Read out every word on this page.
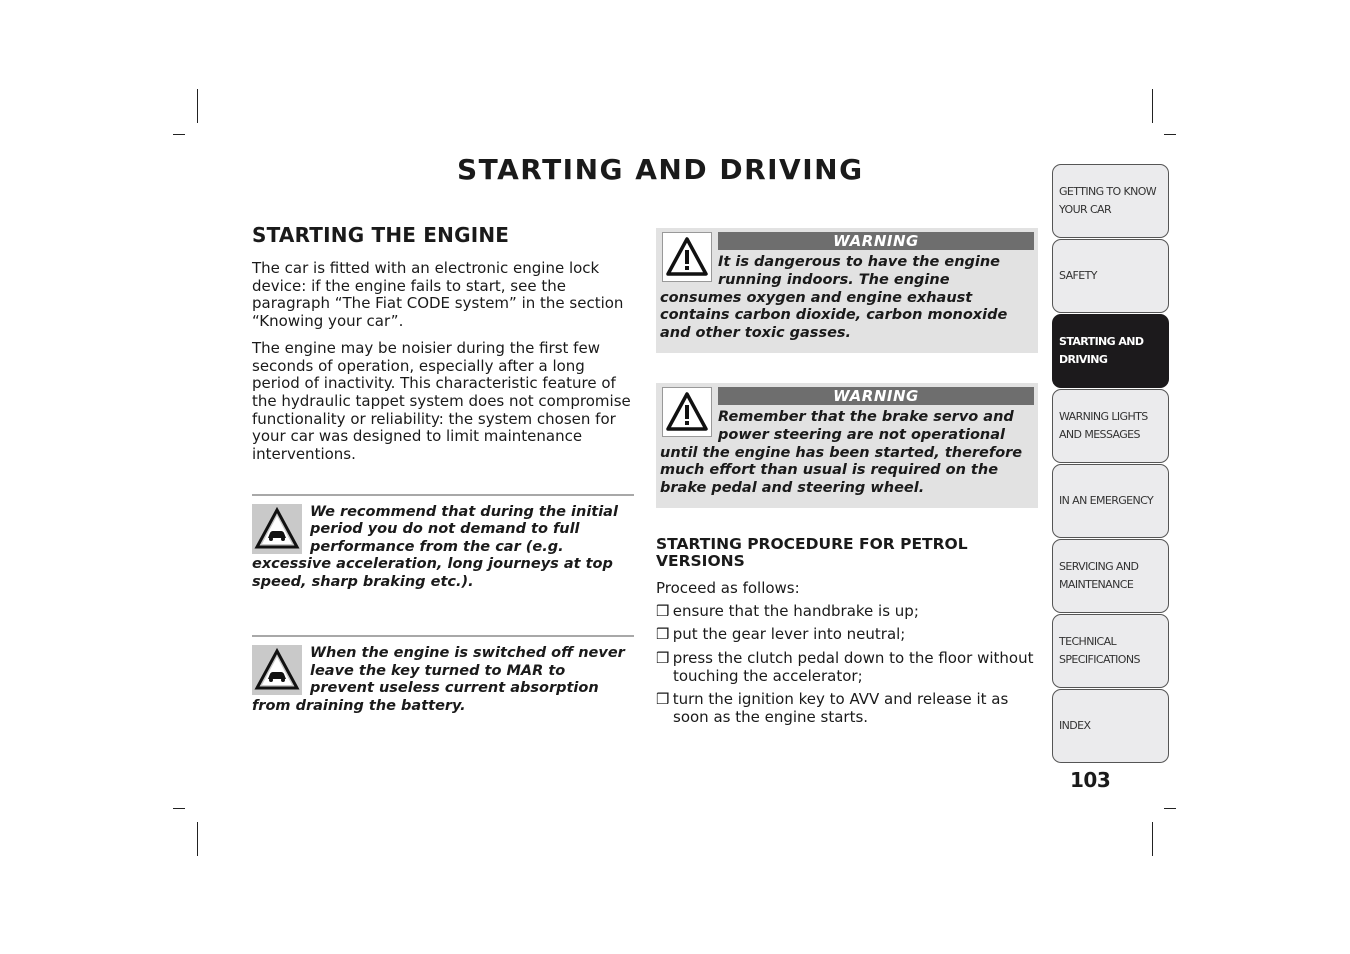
STARTING AND DRIVING
STARTING THE ENGINE

The car is fitted with an electronic engine lock device: if the engine fails to start, see the paragraph “The Fiat CODE system” in the section “Knowing your car”.

The engine may be noisier during the first few seconds of operation, especially after a long period of inactivity. This characteristic feature of the hydraulic tappet system does not compromise functionality or reliability: the system chosen for your car was designed to limit maintenance interventions.

We recommend that during the initial period you do not demand to full performance from the car (e.g. excessive acceleration, long journeys at top speed, sharp braking etc.).
When the engine is switched off never leave the key turned to MAR to prevent useless current absorption from draining the battery.
WARNING
It is dangerous to have the engine running indoors. The engine consumes oxygen and engine exhaust contains carbon dioxide, carbon monoxide and other toxic gasses.
WARNING
Remember that the brake servo and power steering are not operational until the engine has been started, therefore much effort than usual is required on the brake pedal and steering wheel.
STARTING PROCEDURE FOR PETROL VERSIONS

Proceed as follows:

❒ ensure that the handbrake is up;
❒ put the gear lever into neutral;
❒ press the clutch pedal down to the floor without touching the accelerator;
❒ turn the ignition key to AVV and release it as soon as the engine starts.
GETTING TO KNOW
YOUR CAR
SAFETY
STARTING AND
DRIVING
WARNING LIGHTS
AND MESSAGES
IN AN EMERGENCY
SERVICING AND
MAINTENANCE
TECHNICAL
SPECIFICATIONS
INDEX
103
